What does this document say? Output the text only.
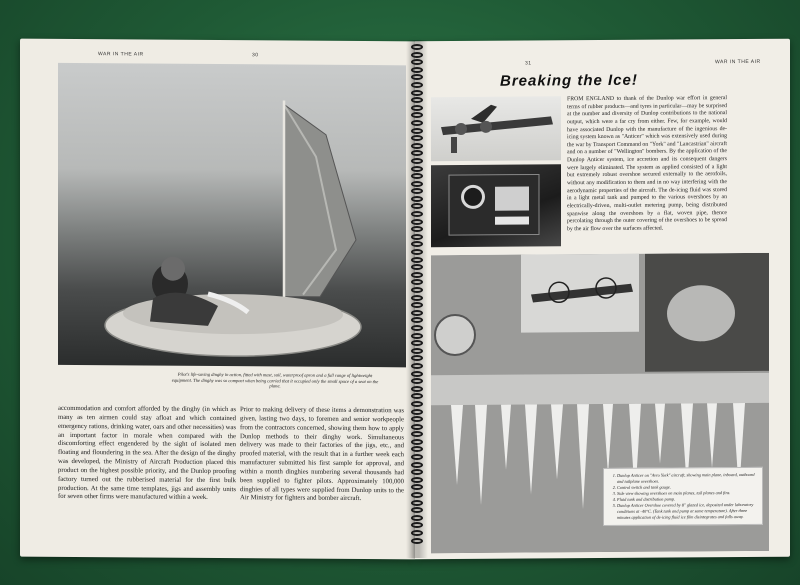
WAR IN THE AIR	30
Pilot's life-saving dinghy in action, fitted with mast, sail, waterproof apron and a full range of lightweight equipment. The dinghy was so compact when being carried that it occupied only the small space of a seat on the plane.
accommodation and comfort afforded by the dinghy (in which as many as ten airmen could stay afloat and which contained emergency rations, drinking water, oars and other necessities) was an important factor in morale when compared with the discomforting effect engendered by the sight of isolated men floating and floundering in the sea. After the design of the dinghy was developed, the Ministry of Aircraft Production placed this product on the highest possible priority, and the Dunlop proofing factory turned out the rubberised material for the first bulk production. At the same time templates, jigs and assembly units for seven other firms were manufactured within a week.
Prior to making delivery of these items a demonstration was given, lasting two days, to foremen and senior workpeople from the contractors concerned, showing them how to apply Dunlop methods to their dinghy work. Simultaneous delivery was made to their factories of the jigs, etc., and proofed material, with the result that in a further week each manufacturer submitted his first sample for approval, and within a month dinghies numbering several thousands had been supplied to fighter pilots. Approximately 100,000 dinghies of all types were supplied from Dunlop units to the Air Ministry for fighters and bomber aircraft.
31	WAR IN THE AIR
Breaking the Ice!
FROM ENGLAND to thank of the Dunlop war effort in general terms of rubber products—and tyres in particular—may be surprised at the number and diversity of Dunlop contributions to the national output, which were a far cry from either. Few, for example, would have associated Dunlop with the manufacture of the ingenious de-icing system known as "Anticer" which was extensively used during the war by Transport Command on "York" and "Lancastrian" aircraft and on a number of "Wellington" bombers. By the application of the Dunlop Anticer system, ice accretion and its consequent dangers were largely eliminated. The system as applied consisted of a light but extremely robust overshoe secured externally to the aerofoils, without any modification to them and in no way interfering with the aerodynamic properties of the aircraft. The de-icing fluid was stored in a light metal tank and pumped to the various overshoes by an electrically-driven, multi-outlet metering pump, being distributed spanwise along the overshoes by a flat, woven pipe, thence percolating through the outer covering of the overshoes to be spread by the air flow over the surfaces affected.
1. Dunlop Anticer on "Avro York" aircraft, showing main plane, inboard, outboard and tailplane overshoes.
2. Control switch and tank gauge.
3. Side view showing overshoes on main planes, tail planes and fins.
4. Fluid tank and distribution pump.
5. Dunlop Anticer Overshoe covered by 8" glazed ice, deposited under laboratory conditions at -40°C. (Tank tank and pump at same temperature). After three minutes application of de-icing fluid ice film disintegrates and falls away.
